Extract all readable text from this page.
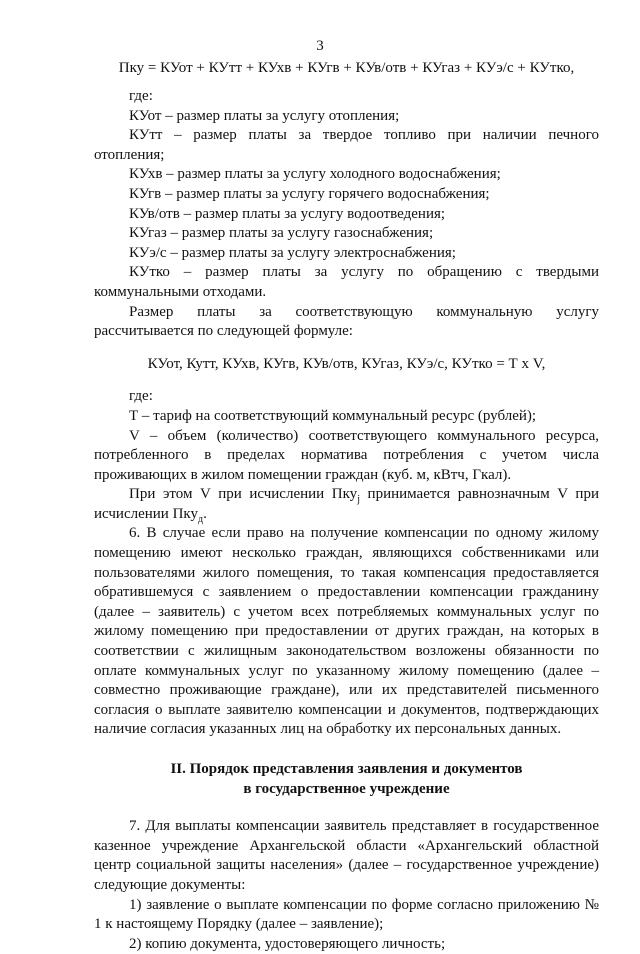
3
Пку = КУот + КУтт + КУхв + КУгв + КУв/отв + КУгаз + КУэ/с + КУтко,

где:

КУот – размер платы за услугу отопления;

КУтт – размер платы за твердое топливо при наличии печного отопления;

КУхв – размер платы за услугу холодного водоснабжения;

КУгв – размер платы за услугу горячего водоснабжения;

КУв/отв – размер платы за услугу водоотведения;

КУгаз – размер платы за услугу газоснабжения;

КУэ/с – размер платы за услугу электроснабжения;

КУтко – размер платы за услугу по обращению с твердыми коммунальными отходами.

Размер платы за соответствующую коммунальную услугу рассчитывается по следующей формуле:

КУот, Кутт, КУхв, КУгв, КУв/отв, КУгаз, КУэ/с, КУтко = Т х V,

где:

Т – тариф на соответствующий коммунальный ресурс (рублей);

V – объем (количество) соответствующего коммунального ресурса, потребленного в пределах норматива потребления с учетом числа проживающих в жилом помещении граждан (куб. м, кВтч, Гкал).

При этом V при исчислении Пку$_j$ принимается равнозначным V при исчислении Пку$_д$.

6. В случае если право на получение компенсации по одному жилому помещению имеют несколько граждан, являющихся собственниками или пользователями жилого помещения, то такая компенсация предоставляется обратившемуся с заявлением о предоставлении компенсации гражданину (далее – заявитель) с учетом всех потребляемых коммунальных услуг по жилому помещению при предоставлении от других граждан, на которых в соответствии с жилищным законодательством возложены обязанности по оплате коммунальных услуг по указанному жилому помещению (далее – совместно проживающие граждане), или их представителей письменного согласия о выплате заявителю компенсации и документов, подтверждающих наличие согласия указанных лиц на обработку их персональных данных.

II. Порядок представления заявления и документов
в государственное учреждение

7. Для выплаты компенсации заявитель представляет в государственное казенное учреждение Архангельской области «Архангельский областной центр социальной защиты населения» (далее – государственное учреждение) следующие документы:

1) заявление о выплате компенсации по форме согласно приложению № 1 к настоящему Порядку (далее – заявление);

2) копию документа, удостоверяющего личность;
